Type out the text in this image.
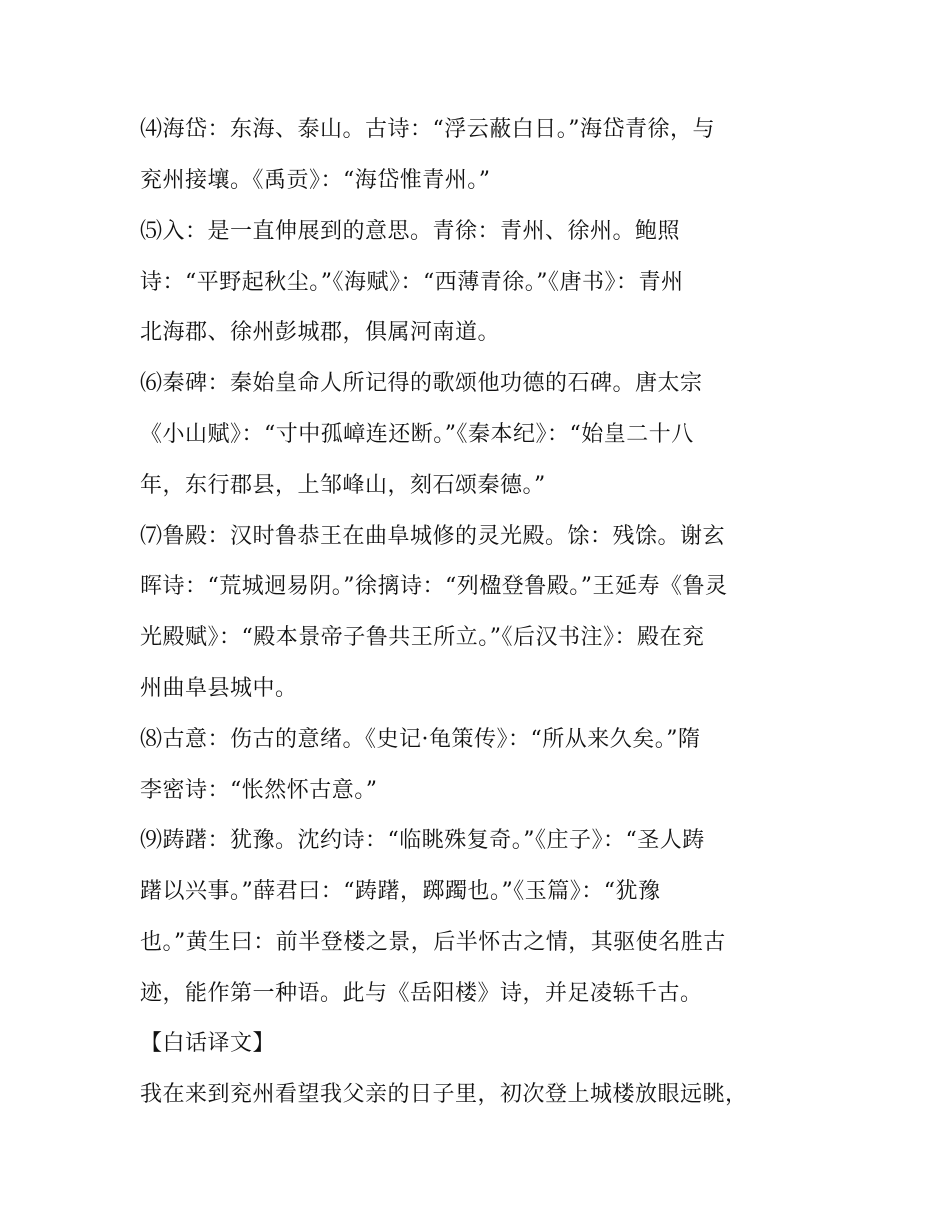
⑷海岱：东海、泰山。古诗：“浮云蔽白日。”海岱青徐，与
兖州接壤。《禹贡》：“海岱惟青州。”
⑸入：是一直伸展到的意思。青徐：青州、徐州。鲍照
诗：“平野起秋尘。”《海赋》：“西薄青徐。”《唐书》：青州
北海郡、徐州彭城郡，俱属河南道。
⑹秦碑：秦始皇命人所记得的歌颂他功德的石碑。唐太宗
《小山赋》：“寸中孤嶂连还断。”《秦本纪》：“始皇二十八
年，东行郡县，上邹峰山，刻石颂秦德。”
⑺鲁殿：汉时鲁恭王在曲阜城修的灵光殿。馀：残馀。谢玄
晖诗：“荒城迥易阴。”徐摛诗：“列楹登鲁殿。”王延寿《鲁灵
光殿赋》：“殿本景帝子鲁共王所立。”《后汉书注》：殿在兖
州曲阜县城中。
⑻古意：伤古的意绪。《史记·龟策传》：“所从来久矣。”隋
李密诗：“怅然怀古意。”
⑼踌躇：犹豫。沈约诗：“临眺殊复奇。”《庄子》：“圣人踌
躇以兴事。”薛君曰：“踌躇，踯躅也。”《玉篇》：“犹豫
也。”黄生曰：前半登楼之景，后半怀古之情，其驱使名胜古
迹，能作第一种语。此与《岳阳楼》诗，并足凌轹千古。
【白话译文】
我在来到兖州看望我父亲的日子里，初次登上城楼放眼远眺，
